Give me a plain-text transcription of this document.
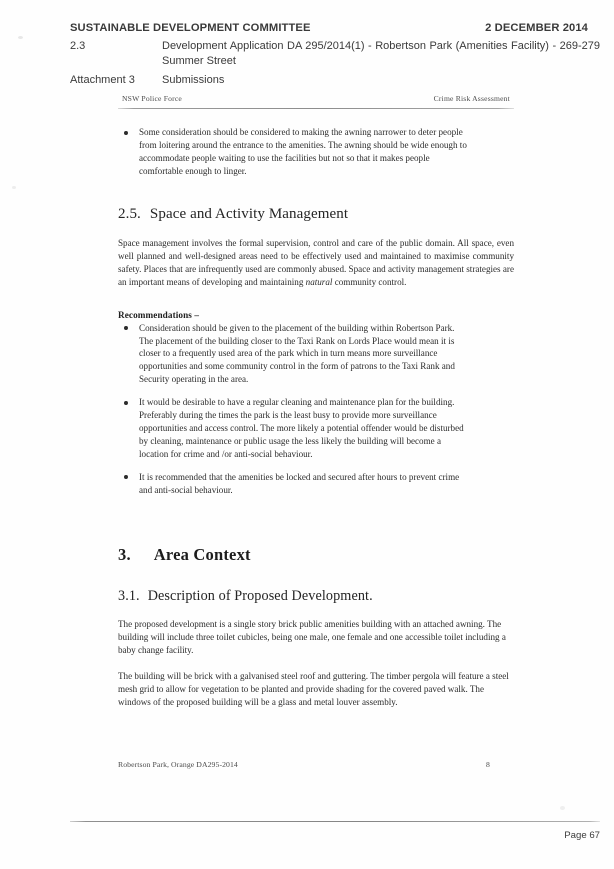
SUSTAINABLE DEVELOPMENT COMMITTEE	2 DECEMBER 2014
2.3	Development Application DA 295/2014(1) - Robertson Park (Amenities Facility) - 269-279 Summer Street
Attachment 3	Submissions
NSW Police Force	Crime Risk Assessment
Some consideration should be considered to making the awning narrower to deter people from loitering around the entrance to the amenities. The awning should be wide enough to accommodate people waiting to use the facilities but not so that it makes people comfortable enough to linger.
2.5. Space and Activity Management

Space management involves the formal supervision, control and care of the public domain. All space, even well planned and well-designed areas need to be effectively used and maintained to maximise community safety. Places that are infrequently used are commonly abused. Space and activity management strategies are an important means of developing and maintaining natural community control.

Recommendations –

Consideration should be given to the placement of the building within Robertson Park. The placement of the building closer to the Taxi Rank on Lords Place would mean it is closer to a frequently used area of the park which in turn means more surveillance opportunities and some community control in the form of patrons to the Taxi Rank and Security operating in the area.
It would be desirable to have a regular cleaning and maintenance plan for the building. Preferably during the times the park is the least busy to provide more surveillance opportunities and access control. The more likely a potential offender would be disturbed by cleaning, maintenance or public usage the less likely the building will become a location for crime and /or anti-social behaviour.
It is recommended that the amenities be locked and secured after hours to prevent crime and anti-social behaviour.
3. Area Context
3.1. Description of Proposed Development.

The proposed development is a single story brick public amenities building with an attached awning. The building will include three toilet cubicles, being one male, one female and one accessible toilet including a baby change facility.

The building will be brick with a galvanised steel roof and guttering. The timber pergola will feature a steel mesh grid to allow for vegetation to be planted and provide shading for the covered paved walk. The windows of the proposed building will be a glass and metal louver assembly.

Robertson Park, Orange DA295-2014	8
Page 67
